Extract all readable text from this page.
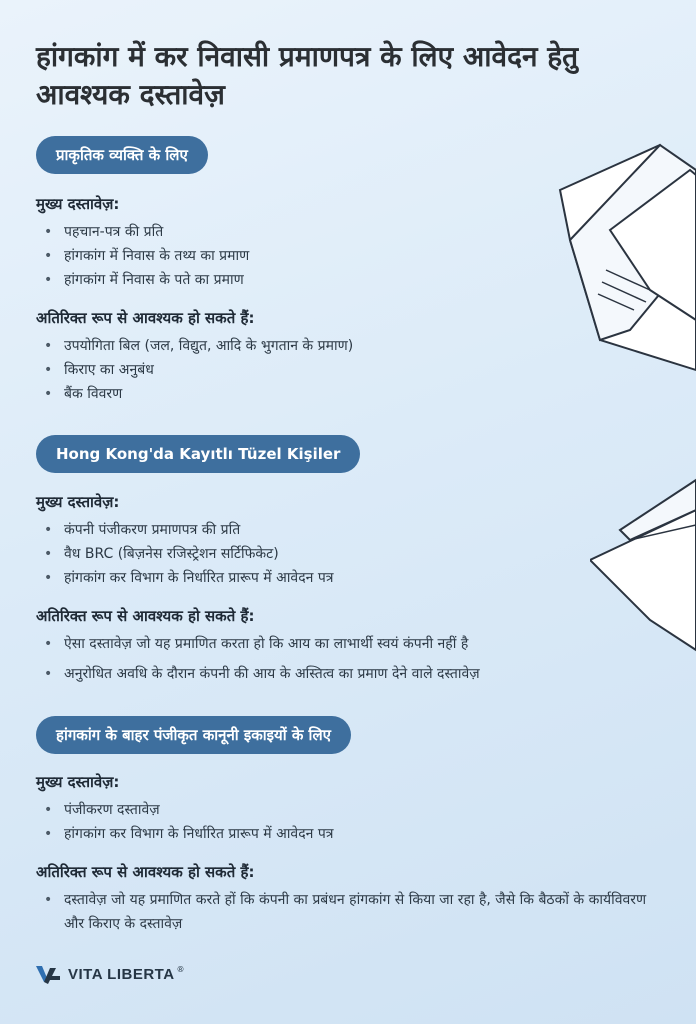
हांगकांग में कर निवासी प्रमाणपत्र के लिए आवेदन हेतु आवश्यक दस्तावेज़
प्राकृतिक व्यक्ति के लिए
मुख्य दस्तावेज़:
• पहचान-पत्र की प्रति
• हांगकांग में निवास के तथ्य का प्रमाण
• हांगकांग में निवास के पते का प्रमाण
अतिरिक्त रूप से आवश्यक हो सकते हैं:
• उपयोगिता बिल (जल, विद्युत, आदि के भुगतान के प्रमाण)
• किराए का अनुबंध
• बैंक विवरण
Hong Kong'da Kayıtlı Tüzel Kişiler
मुख्य दस्तावेज़:
• कंपनी पंजीकरण प्रमाणपत्र की प्रति
• वैध BRC (बिज़नेस रजिस्ट्रेशन सर्टिफिकेट)
• हांगकांग कर विभाग के निर्धारित प्रारूप में आवेदन पत्र
अतिरिक्त रूप से आवश्यक हो सकते हैं:
• ऐसा दस्तावेज़ जो यह प्रमाणित करता हो कि आय का लाभार्थी स्वयं कंपनी नहीं है
• अनुरोधित अवधि के दौरान कंपनी की आय के अस्तित्व का प्रमाण देने वाले दस्तावेज़
हांगकांग के बाहर पंजीकृत कानूनी इकाइयों के लिए
मुख्य दस्तावेज़:
• पंजीकरण दस्तावेज़
• हांगकांग कर विभाग के निर्धारित प्रारूप में आवेदन पत्र
अतिरिक्त रूप से आवश्यक हो सकते हैं:
• दस्तावेज़ जो यह प्रमाणित करते हों कि कंपनी का प्रबंधन हांगकांग से किया जा रहा है, जैसे कि बैठकों के कार्यविवरण और किराए के दस्तावेज़
VITA LIBERTA ®
